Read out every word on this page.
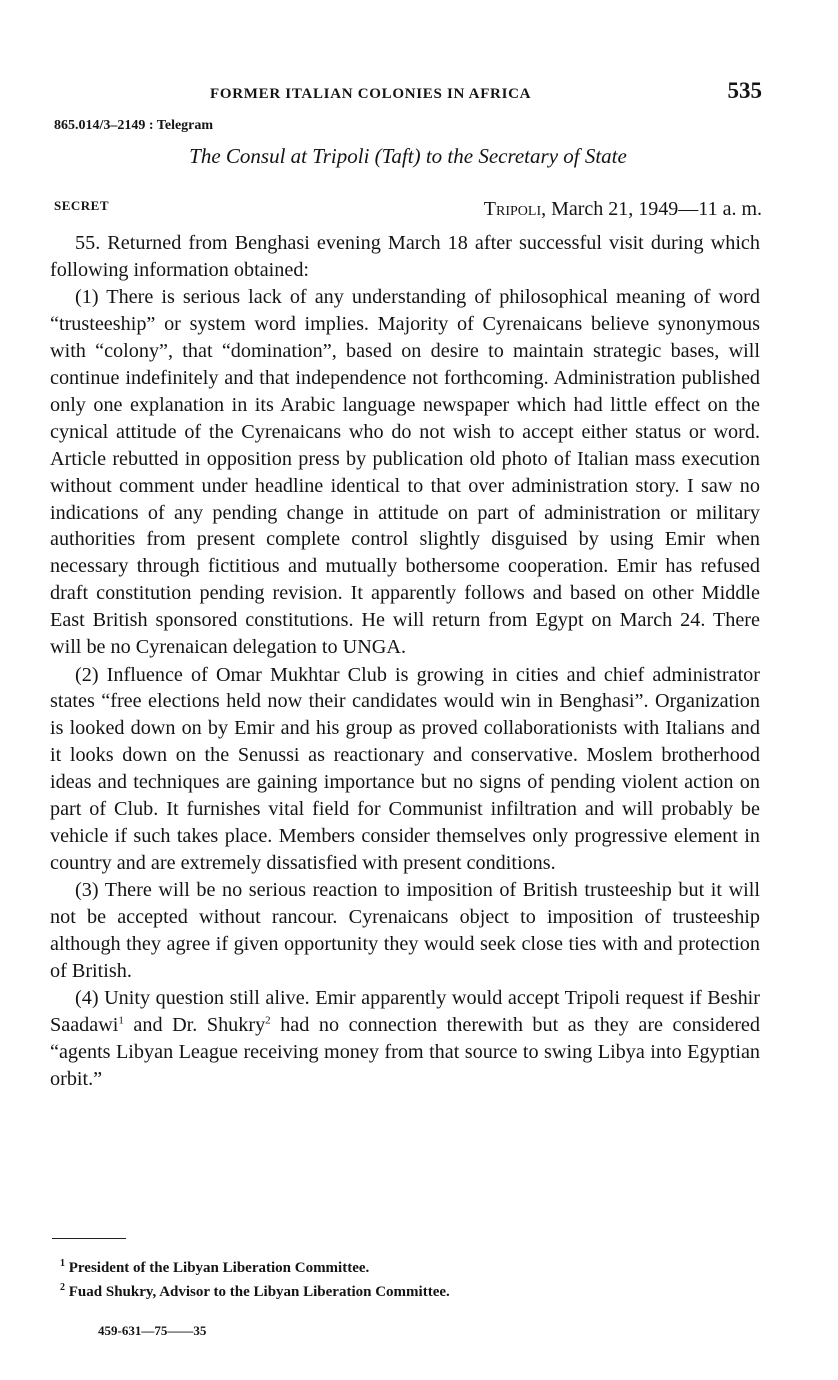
FORMER ITALIAN COLONIES IN AFRICA	535
865.014/3–2149 : Telegram
The Consul at Tripoli (Taft) to the Secretary of State
SECRET	Tripoli, March 21, 1949—11 a. m.

55. Returned from Benghasi evening March 18 after successful visit during which following information obtained:

(1) There is serious lack of any understanding of philosophical meaning of word “trusteeship” or system word implies. Majority of Cyrenaicans believe synonymous with “colony”, that “domination”, based on desire to maintain strategic bases, will continue indefinitely and that independence not forthcoming. Administration published only one explanation in its Arabic language newspaper which had little effect on the cynical attitude of the Cyrenaicans who do not wish to accept either status or word. Article rebutted in opposition press by publication old photo of Italian mass execution without comment under headline identical to that over administration story. I saw no indications of any pending change in attitude on part of administration or military authorities from present complete control slightly disguised by using Emir when necessary through fictitious and mutually bothersome cooperation. Emir has refused draft constitution pending revision. It apparently follows and based on other Middle East British sponsored constitutions. He will return from Egypt on March 24. There will be no Cyrenaican delegation to UNGA.

(2) Influence of Omar Mukhtar Club is growing in cities and chief administrator states “free elections held now their candidates would win in Benghasi”. Organization is looked down on by Emir and his group as proved collaborationists with Italians and it looks down on the Senussi as reactionary and conservative. Moslem brotherhood ideas and techniques are gaining importance but no signs of pending violent action on part of Club. It furnishes vital field for Communist infiltration and will probably be vehicle if such takes place. Members consider themselves only progressive element in country and are extremely dissatisfied with present conditions.

(3) There will be no serious reaction to imposition of British trusteeship but it will not be accepted without rancour. Cyrenaicans object to imposition of trusteeship although they agree if given opportunity they would seek close ties with and protection of British.

(4) Unity question still alive. Emir apparently would accept Tripoli request if Beshir Saadawi$^1$ and Dr. Shukry$^2$ had no connection therewith but as they are considered “agents Libyan League receiving money from that source to swing Libya into Egyptian orbit.”

$^1$ President of the Libyan Liberation Committee.
$^2$ Fuad Shukry, Advisor to the Libyan Liberation Committee.
459-631—75——35
